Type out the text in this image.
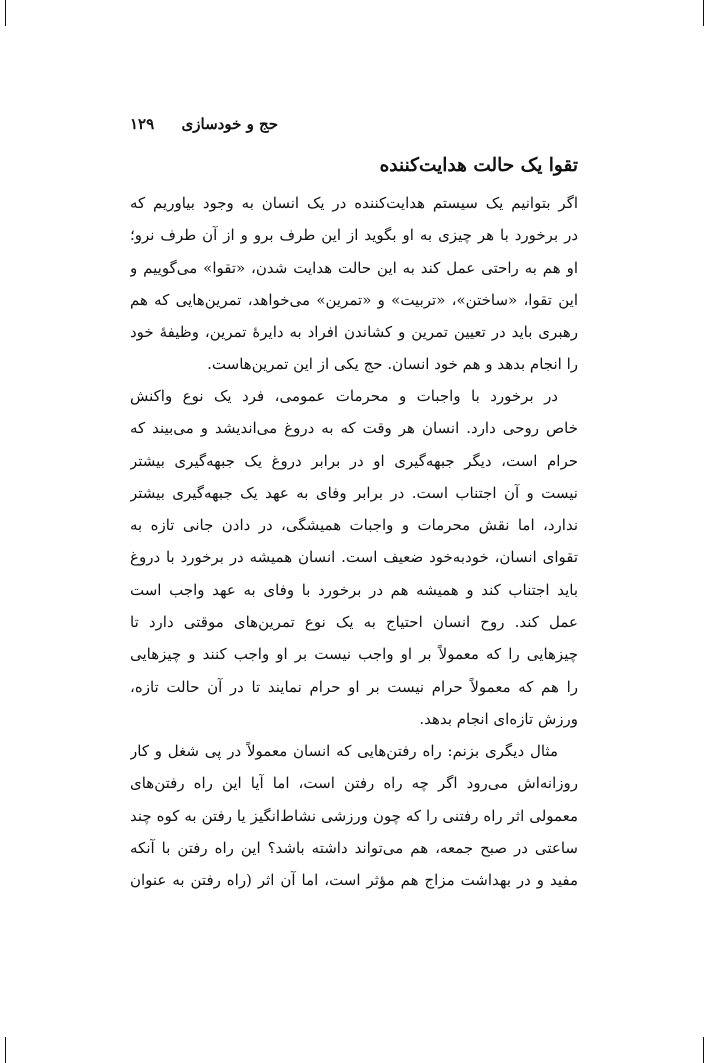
حج و خودسازی
۱۲۹
تقوا یک حالت هدایت‌کننده
اگر بتوانیم یک سیستم هدایت‌کننده در یک انسان به وجود بیاوریم که
در برخورد با هر چیزی به او بگوید از این طرف برو و از آن طرف نرو؛
او هم به راحتی عمل کند به این حالت هدایت شدن، «تقوا» می‌گوییم و
این تقوا، «ساختن»، «تربیت» و «تمرین» می‌خواهد، تمرین‌هایی که هم
رهبری باید در تعیین تمرین و کشاندن افراد به دایرهٔ تمرین، وظیفهٔ خود
را انجام بدهد و هم خود انسان. حج یکی از این تمرین‌هاست.
در برخورد با واجبات و محرمات عمومی، فرد یک نوع واکنش
خاص روحی دارد. انسان هر وقت که به دروغ می‌اندیشد و می‌بیند که
حرام است، دیگر جبهه‌گیری او در برابر دروغ یک جبهه‌گیری بیشتر
نیست و آن اجتناب است. در برابر وفای به عهد یک جبهه‌گیری بیشتر
ندارد، اما نقش محرمات و واجبات همیشگی، در دادن جانی تازه به
تقوای انسان، خودبه‌خود ضعیف است. انسان همیشه در برخورد با دروغ
باید اجتناب کند و همیشه هم در برخورد با وفای به عهد واجب است
عمل کند. روح انسان احتیاج به یک نوع تمرین‌های موقتی دارد تا
چیزهایی را که معمولاً بر او واجب نیست بر او واجب کنند و چیزهایی
را هم که معمولاً حرام نیست بر او حرام نمایند تا در آن حالت تازه،
ورزش تازه‌ای انجام بدهد.
مثال دیگری بزنم: راه رفتن‌هایی که انسان معمولاً در پی شغل و کار
روزانه‌اش می‌رود اگر چه راه رفتن است، اما آیا این راه رفتن‌های
معمولی اثر راه رفتنی را که چون ورزشی نشاط‌انگیز یا رفتن به کوه چند
ساعتی در صبح جمعه، هم می‌تواند داشته باشد؟ این راه رفتن با آنکه
مفید و در بهداشت مزاج هم مؤثر است، اما آن اثر (راه رفتن به عنوان
